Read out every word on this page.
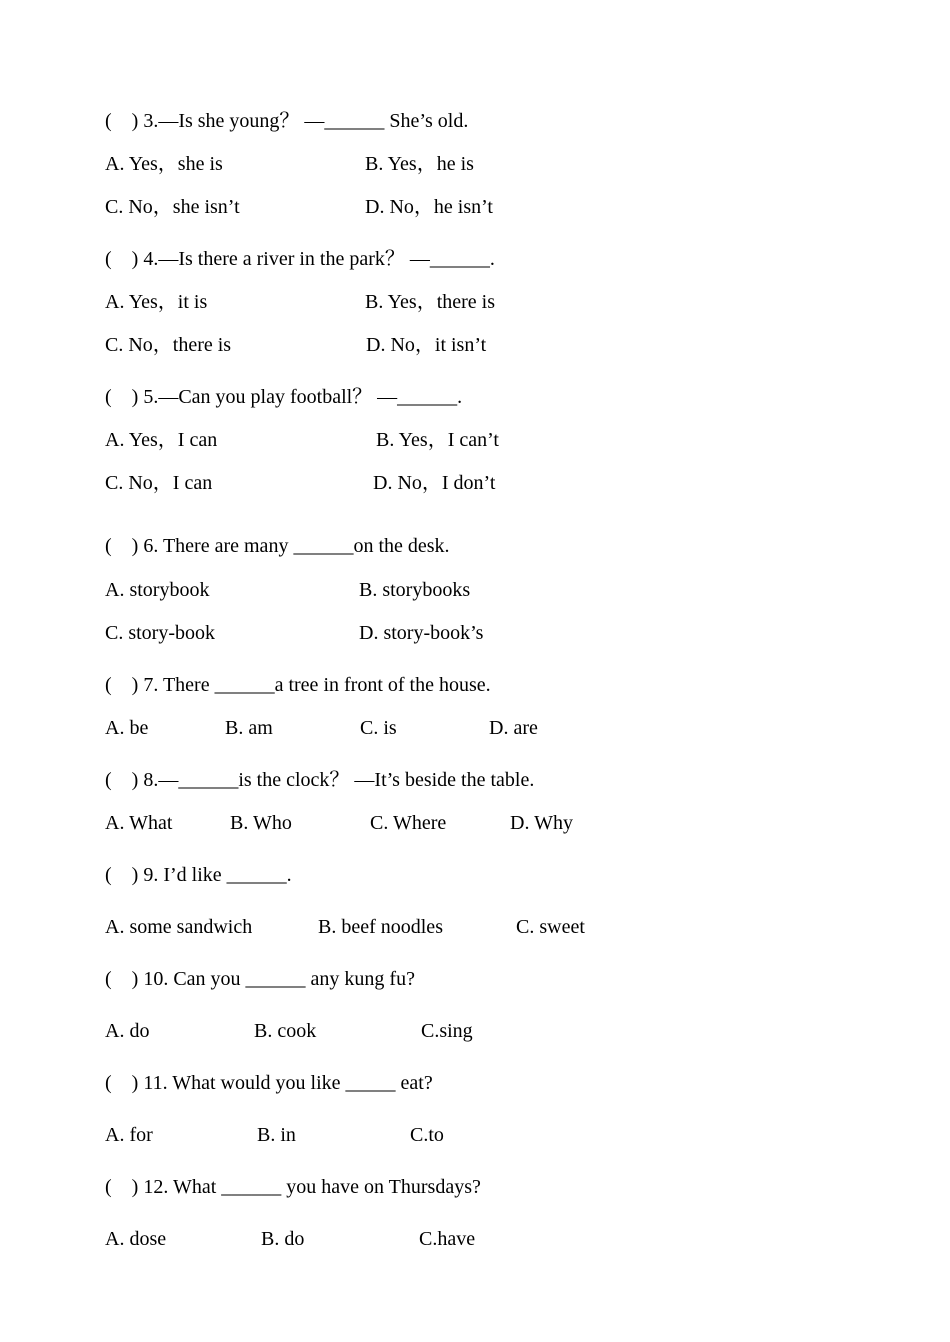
(    ) 3.—Is she young？ —______ She’s old.
A. Yes，she is	B. Yes，he is
C. No，she isn’t	D. No，he isn’t
(    ) 4.—Is there a river in the park？ —______.
A. Yes，it is	B. Yes，there is
C. No，there is	D. No，it isn’t
(    ) 5.—Can you play football？ —______.
A. Yes，I can	B. Yes，I can’t
C. No，I can	D. No，I don’t
(    ) 6. There are many ______on the desk.
A. storybook	B. storybooks
C. story-book	D. story-book’s
(    ) 7. There ______a tree in front of the house.
A. be	B. am	C. is	D. are
(    ) 8.—______is the clock？ —It’s beside the table.
A. What	B. Who	C. Where	D. Why
(    ) 9. I’d like ______.
A. some sandwich	B. beef noodles	C. sweet
(    ) 10. Can you ______ any kung fu?
A. do	B. cook	C.sing
(    ) 11. What would you like _____ eat?
A. for	B. in	C.to
(    ) 12. What ______ you have on Thursdays?
A. dose	B. do	C.have
